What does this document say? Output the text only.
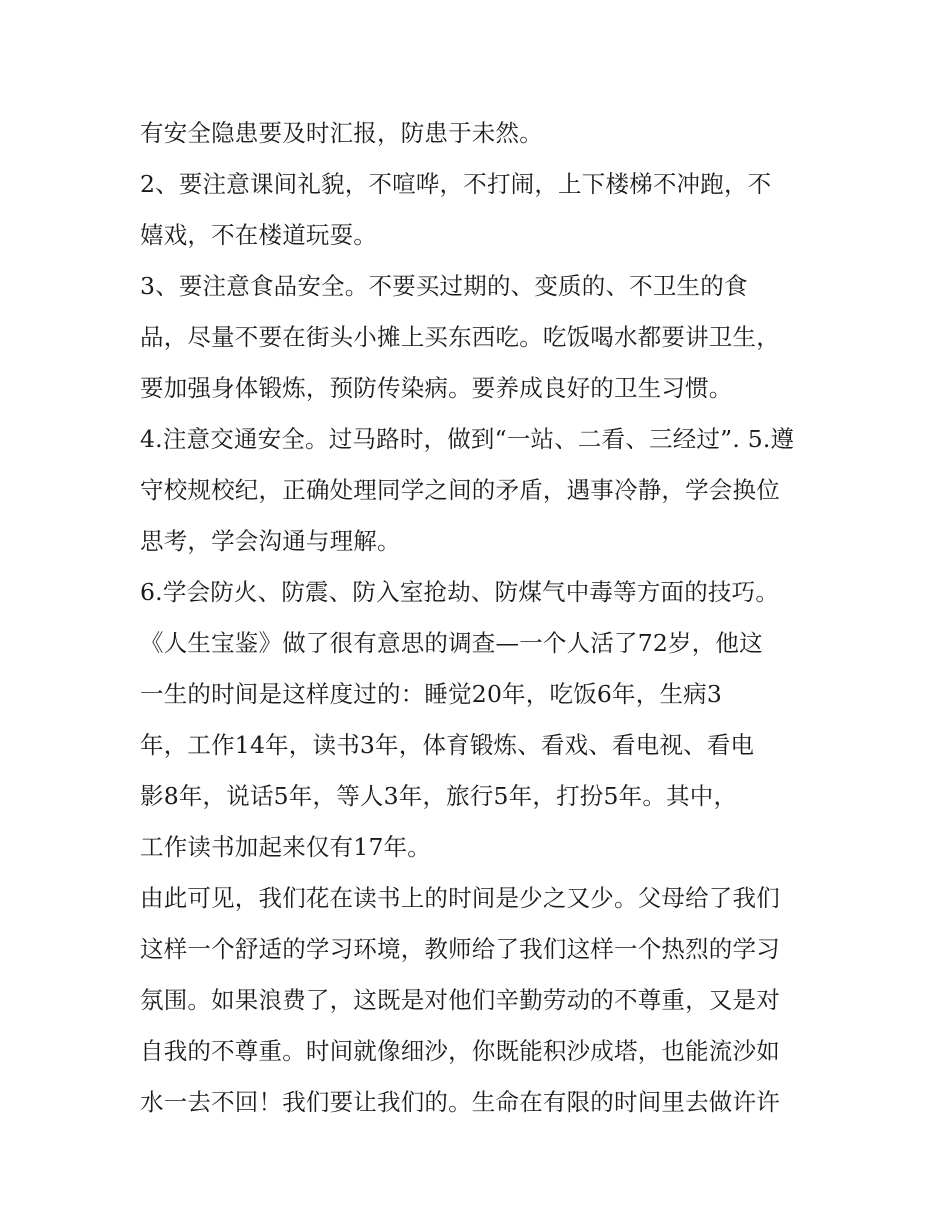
有安全隐患要及时汇报，防患于未然。
2、要注意课间礼貌，不喧哗，不打闹，上下楼梯不冲跑，不
嬉戏，不在楼道玩耍。
3、要注意食品安全。不要买过期的、变质的、不卫生的食
品，尽量不要在街头小摊上买东西吃。吃饭喝水都要讲卫生，
要加强身体锻炼，预防传染病。要养成良好的卫生习惯。
4.注意交通安全。过马路时，做到“一站、二看、三经过”. 5.遵
守校规校纪，正确处理同学之间的矛盾，遇事冷静，学会换位
思考，学会沟通与理解。
6.学会防火、防震、防入室抢劫、防煤气中毒等方面的技巧。
《人生宝鉴》做了很有意思的调查—一个人活了72岁，他这
一生的时间是这样度过的：睡觉20年，吃饭6年，生病3
年，工作14年，读书3年，体育锻炼、看戏、看电视、看电
影8年，说话5年，等人3年，旅行5年，打扮5年。其中，
工作读书加起来仅有17年。
由此可见，我们花在读书上的时间是少之又少。父母给了我们
这样一个舒适的学习环境，教师给了我们这样一个热烈的学习
氛围。如果浪费了，这既是对他们辛勤劳动的不尊重，又是对
自我的不尊重。时间就像细沙，你既能积沙成塔，也能流沙如
水一去不回！我们要让我们的。生命在有限的时间里去做许许
